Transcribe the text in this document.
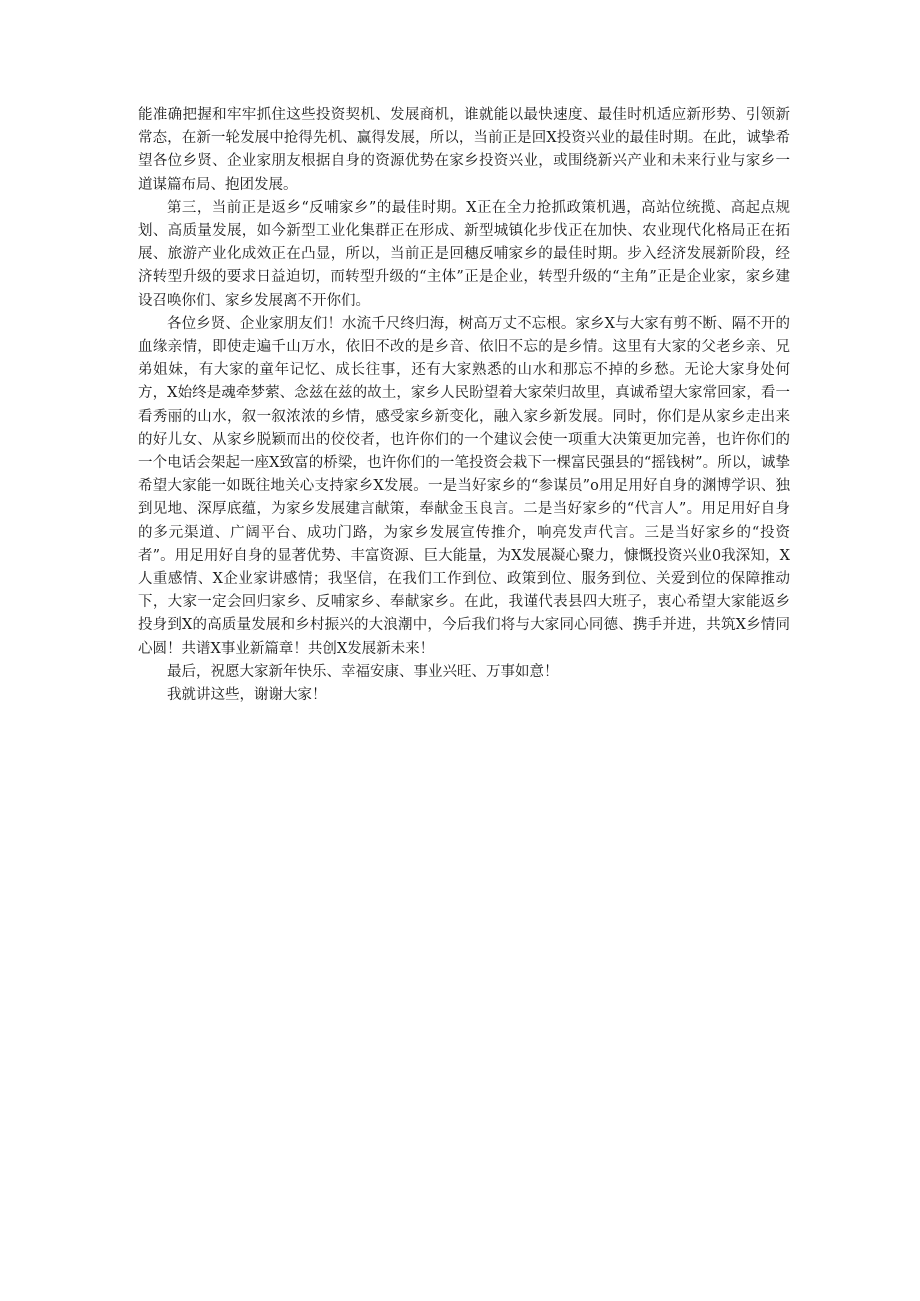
能准确把握和牢牢抓住这些投资契机、发展商机，谁就能以最快速度、最佳时机适应新形势、引领新常态，在新一轮发展中抢得先机、赢得发展，所以，当前正是回X投资兴业的最佳时期。在此，诚挚希望各位乡贤、企业家朋友根据自身的资源优势在家乡投资兴业，或围绕新兴产业和未来行业与家乡一道谋篇布局、抱团发展。

第三，当前正是返乡“反哺家乡”的最佳时期。X正在全力抢抓政策机遇，高站位统揽、高起点规划、高质量发展，如今新型工业化集群正在形成、新型城镇化步伐正在加快、农业现代化格局正在拓展、旅游产业化成效正在凸显，所以，当前正是回穗反哺家乡的最佳时期。步入经济发展新阶段，经济转型升级的要求日益迫切，而转型升级的“主体”正是企业，转型升级的“主角”正是企业家，家乡建设召唤你们、家乡发展离不开你们。

各位乡贤、企业家朋友们！水流千尺终归海，树高万丈不忘根。家乡X与大家有剪不断、隔不开的血缘亲情，即使走遍千山万水，依旧不改的是乡音、依旧不忘的是乡情。这里有大家的父老乡亲、兄弟姐妹，有大家的童年记忆、成长往事，还有大家熟悉的山水和那忘不掉的乡愁。无论大家身处何方，X始终是魂牵梦萦、念兹在兹的故土，家乡人民盼望着大家荣归故里，真诚希望大家常回家，看一看秀丽的山水，叙一叙浓浓的乡情，感受家乡新变化，融入家乡新发展。同时，你们是从家乡走出来的好儿女、从家乡脱颖而出的佼佼者，也许你们的一个建议会使一项重大决策更加完善，也许你们的一个电话会架起一座X致富的桥梁，也许你们的一笔投资会栽下一棵富民强县的“摇钱树”。所以，诚挚希望大家能一如既往地关心支持家乡X发展。一是当好家乡的“参谋员”o用足用好自身的渊博学识、独到见地、深厚底蕴，为家乡发展建言献策，奉献金玉良言。二是当好家乡的“代言人”。用足用好自身的多元渠道、广阔平台、成功门路，为家乡发展宣传推介，响亮发声代言。三是当好家乡的“投资者”。用足用好自身的显著优势、丰富资源、巨大能量，为X发展凝心聚力，慷慨投资兴业0我深知，X人重感情、X企业家讲感情；我坚信，在我们工作到位、政策到位、服务到位、关爱到位的保障推动下，大家一定会回归家乡、反哺家乡、奉献家乡。在此，我谨代表县四大班子，衷心希望大家能返乡投身到X的高质量发展和乡村振兴的大浪潮中，今后我们将与大家同心同德、携手并进，共筑X乡情同心圆！共谱X事业新篇章！共创X发展新未来！

最后，祝愿大家新年快乐、幸福安康、事业兴旺、万事如意！

我就讲这些，谢谢大家！
